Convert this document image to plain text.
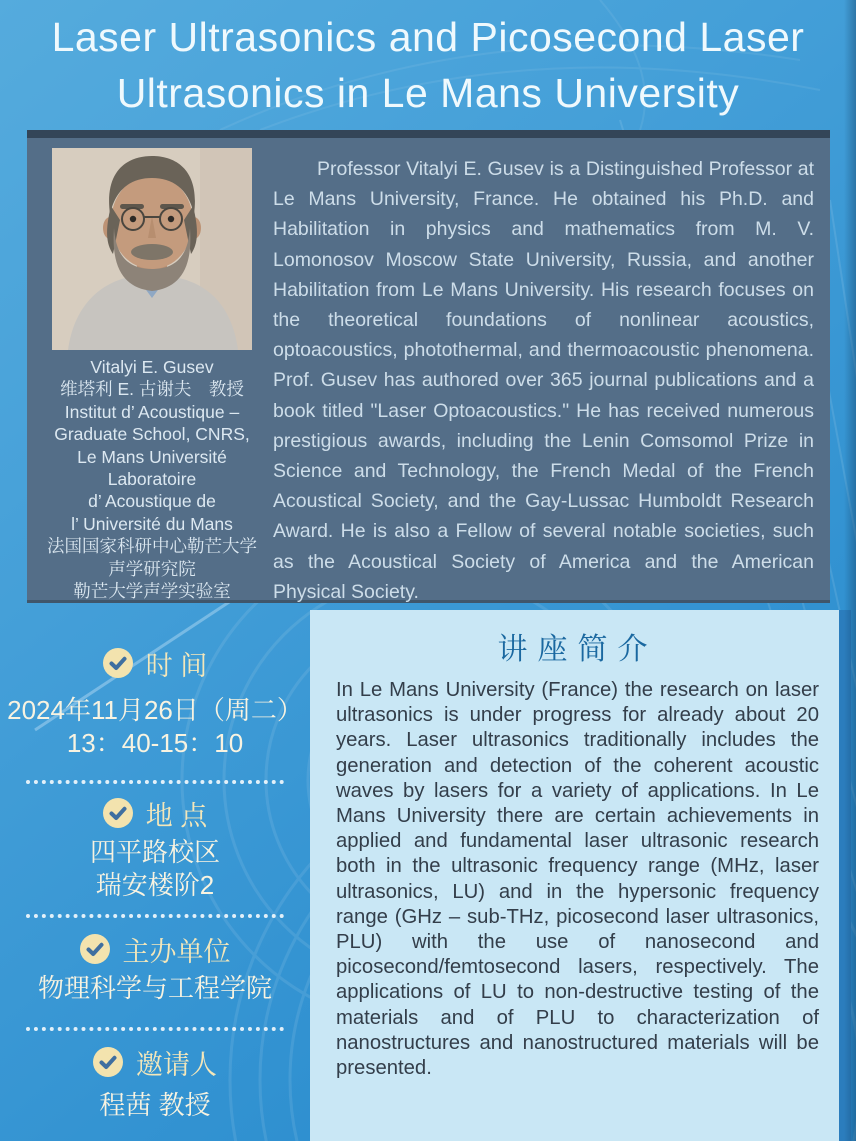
Laser Ultrasonics and Picosecond Laser
Ultrasonics in Le Mans University
Vitalyi E. Gusev
维塔利 E. 古谢夫　教授
Institut d’ Acoustique –
Graduate School, CNRS,
Le Mans Université
Laboratoire
d’ Acoustique de
l’ Université du Mans
法国国家科研中心勒芒大学
声学研究院
勒芒大学声学实验室
Professor Vitalyi E. Gusev is a Distinguished Professor at Le Mans University, France. He obtained his Ph.D. and Habilitation in physics and mathematics from M. V. Lomonosov Moscow State University, Russia, and another Habilitation from Le Mans University. His research focuses on the theoretical foundations of nonlinear acoustics, optoacoustics, photothermal, and thermoacoustic phenomena. Prof. Gusev has authored over 365 journal publications and a book titled "Laser Optoacoustics." He has received numerous prestigious awards, including the Lenin Comsomol Prize in Science and Technology, the French Medal of the French Acoustical Society, and the Gay-Lussac Humboldt Research Award. He is also a Fellow of several notable societies, such as the Acoustical Society of America and the American Physical Society.
时 间
2024年11月26日（周二）
13：40-15：10
地 点
四平路校区
瑞安楼阶2
主办单位
物理科学与工程学院
邀请人
程茜 教授
讲座简介
In Le Mans University (France) the research on laser ultrasonics is under progress for already about 20 years. Laser ultrasonics traditionally includes the generation and detection of the coherent acoustic waves by lasers for a variety of applications. In Le Mans University there are certain achievements in applied and fundamental laser ultrasonic research both in the ultrasonic frequency range (MHz, laser ultrasonics, LU) and in the hypersonic frequency range (GHz – sub-THz, picosecond laser ultrasonics, PLU) with the use of nanosecond and picosecond/femtosecond lasers, respectively. The applications of LU to non-destructive testing of the materials and of PLU to characterization of nanostructures and nanostructured materials will be presented.
